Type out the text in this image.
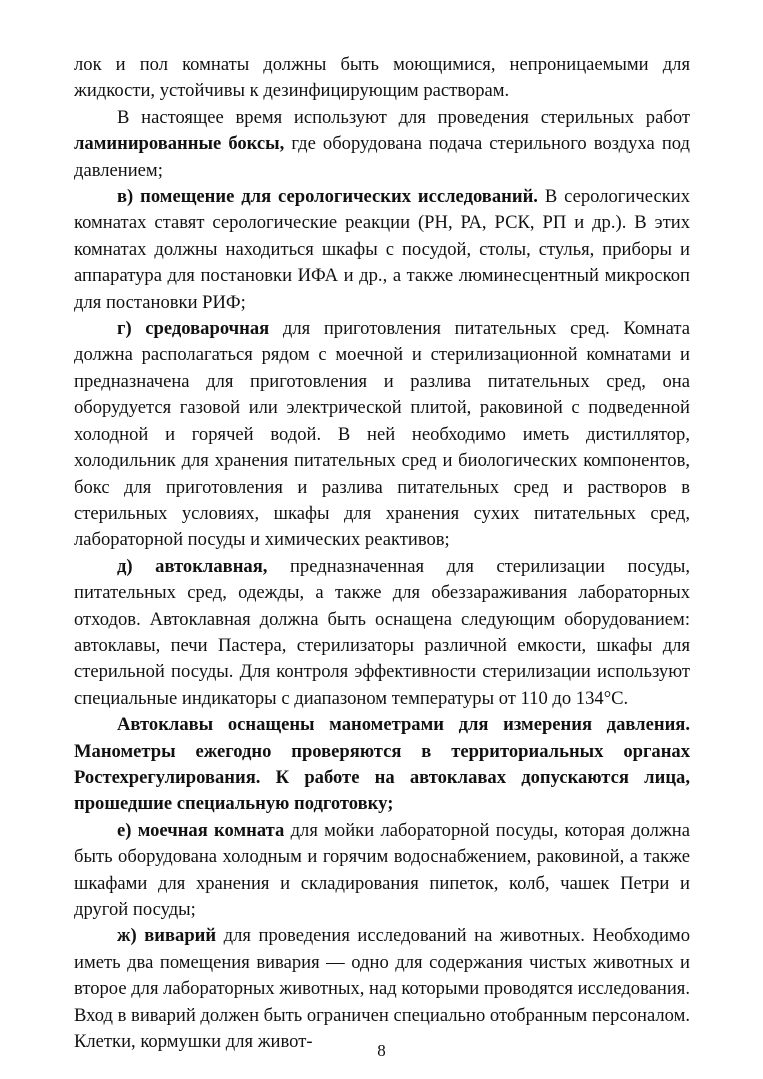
лок и пол комнаты должны быть моющимися, непроницаемыми для жидкости, устойчивы к дезинфицирующим растворам.

В настоящее время используют для проведения стерильных работ ламинированные боксы, где оборудована подача стерильного воздуха под давлением;

в) помещение для серологических исследований. В серологических комнатах ставят серологические реакции (РН, РА, РСК, РП и др.). В этих комнатах должны находиться шкафы с посудой, столы, стулья, приборы и аппаратура для постановки ИФА и др., а также люминесцентный микроскоп для постановки РИФ;

г) средоварочная для приготовления питательных сред. Комната должна располагаться рядом с моечной и стерилизационной комнатами и предназначена для приготовления и разлива питательных сред, она оборудуется газовой или электрической плитой, раковиной с подведенной холодной и горячей водой. В ней необходимо иметь дистиллятор, холодильник для хранения питательных сред и биологических компонентов, бокс для приготовления и разлива питательных сред и растворов в стерильных условиях, шкафы для хранения сухих питательных сред, лабораторной посуды и химических реактивов;

д) автоклавная, предназначенная для стерилизации посуды, питательных сред, одежды, а также для обеззараживания лабораторных отходов. Автоклавная должна быть оснащена следующим оборудованием: автоклавы, печи Пастера, стерилизаторы различной емкости, шкафы для стерильной посуды. Для контроля эффективности стерилизации используют специальные индикаторы с диапазоном температуры от 110 до 134°С.

Автоклавы оснащены манометрами для измерения давления. Манометры ежегодно проверяются в территориальных органах Ростехрегулирования. К работе на автоклавах допускаются лица, прошедшие специальную подготовку;

е) моечная комната для мойки лабораторной посуды, которая должна быть оборудована холодным и горячим водоснабжением, раковиной, а также шкафами для хранения и складирования пипеток, колб, чашек Петри и другой посуды;

ж) виварий для проведения исследований на животных. Необходимо иметь два помещения вивария — одно для содержания чистых животных и второе для лабораторных животных, над которыми проводятся исследования. Вход в виварий должен быть ограничен специально отобранным персоналом. Клетки, кормушки для живот-	8
